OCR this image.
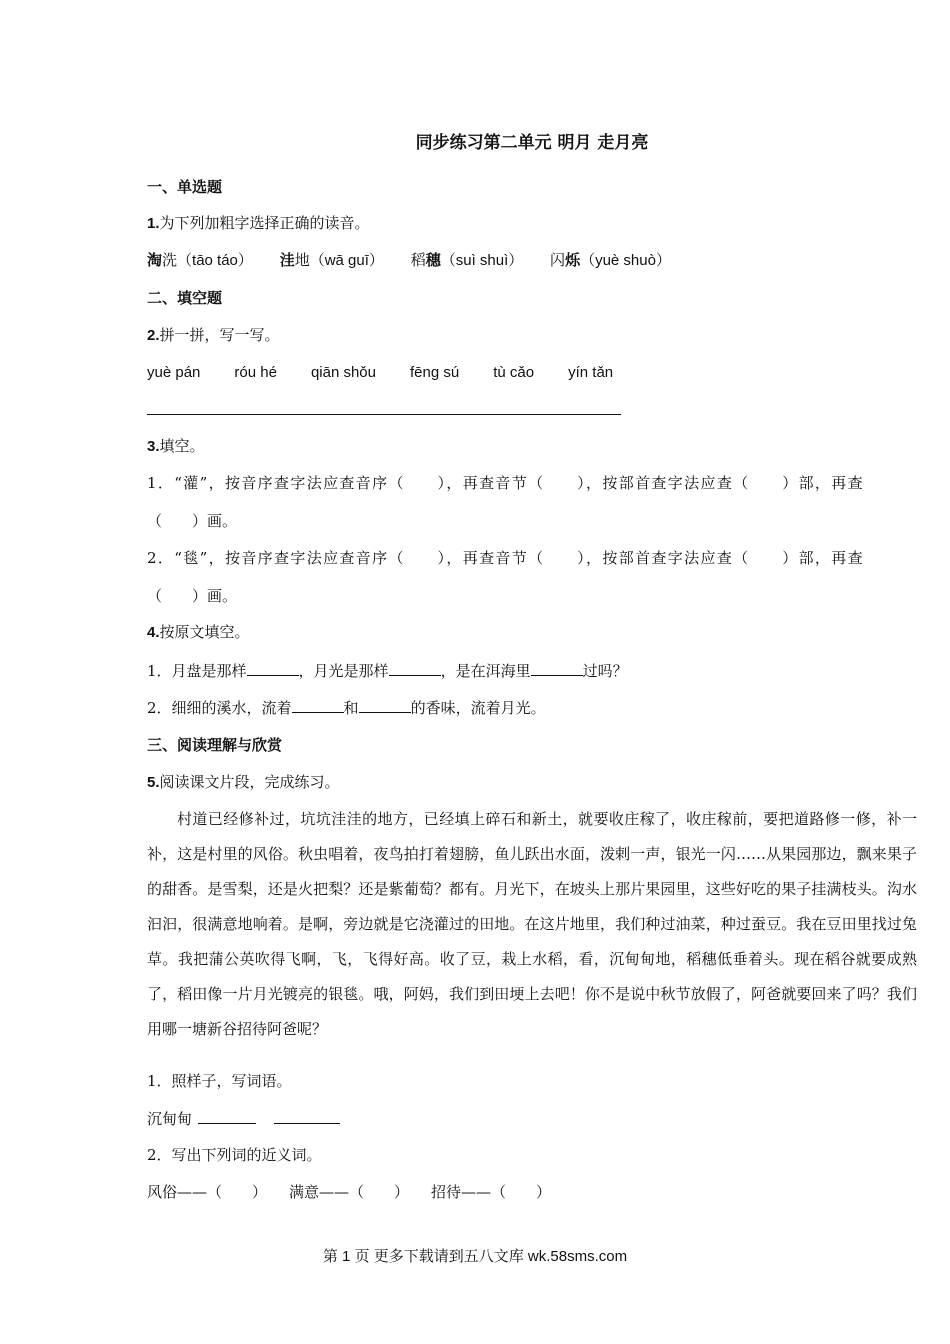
同步练习第二单元 明月 走月亮
一、单选题
1.为下列加粗字选择正确的读音。
淘洗（tāo táo） 洼地（wā guī） 稻穗（suì shuì） 闪烁（yuè shuò）
二、填空题
2.拼一拼，写一写。
yuè pán róu hé qiān shǒu fēng sú tù cǎo yín tǎn
3.填空。
1．“灌”，按音序查字法应查音序（　　），再查音节（　　），按部首查字法应查（　　）部，再查
（　　）画。
2．“毯”，按音序查字法应查音序（　　），再查音节（　　），按部首查字法应查（　　）部，再查
（　　）画。
4.按原文填空。
1．月盘是那样	，月光是那样	，是在洱海里	过吗？
2．细细的溪水，流着	和	的香味，流着月光。
三、阅读理解与欣赏
5.阅读课文片段，完成练习。
村道已经修补过，坑坑洼洼的地方，已经填上碎石和新土，就要收庄稼了，收庄稼前，要把道路修一修，补一补，这是村里的风俗。秋虫唱着，夜鸟拍打着翅膀，鱼儿跃出水面，泼剌一声，银光一闪……从果园那边，飘来果子的甜香。是雪梨，还是火把梨？还是紫葡萄？都有。月光下，在坡头上那片果园里，这些好吃的果子挂满枝头。沟水汩汩，很满意地响着。是啊，旁边就是它浇灌过的田地。在这片地里，我们种过油菜，种过蚕豆。我在豆田里找过兔草。我把蒲公英吹得飞啊，飞，飞得好高。收了豆，栽上水稻，看，沉甸甸地，稻穗低垂着头。现在稻谷就要成熟了，稻田像一片月光镀亮的银毯。哦，阿妈，我们到田埂上去吧！你不是说中秋节放假了，阿爸就要回来了吗？我们用哪一塘新谷招待阿爸呢？
1．照样子，写词语。
沉甸甸
2．写出下列词的近义词。
风俗——（　　） 满意——（　　） 招待——（　　）
第 1 页 更多下载请到五八文库 wk.58sms.com
